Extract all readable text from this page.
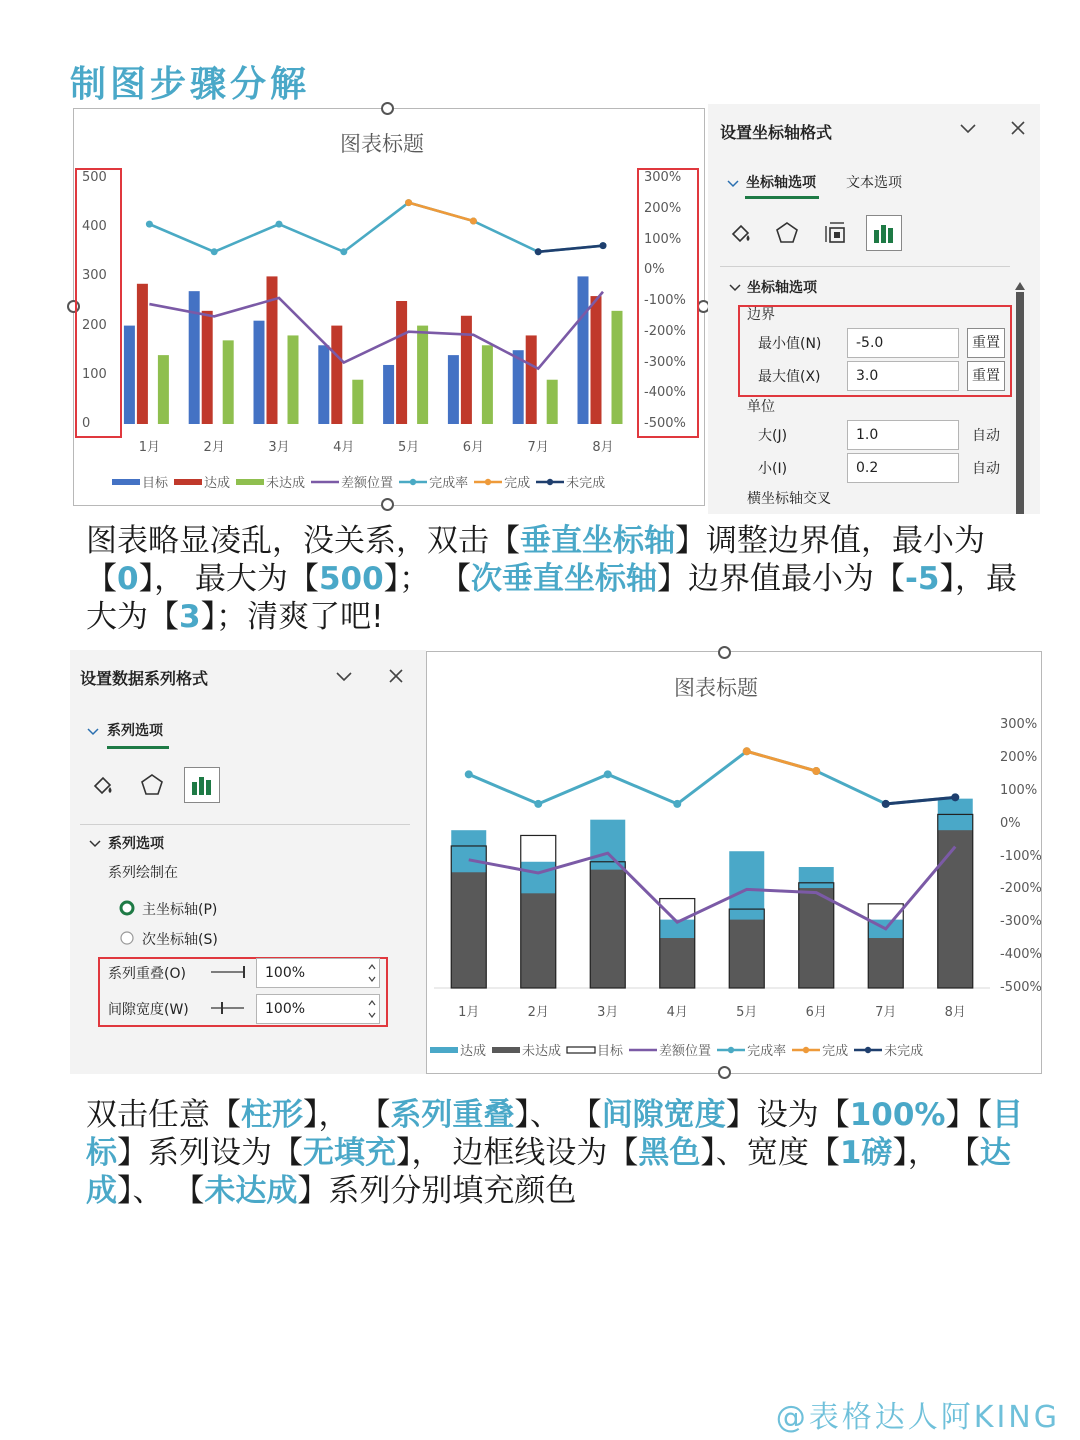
制图步骤分解
图表标题
目标	达成	未达成	差额位置	完成率	完成	未完成
设置坐标轴格式
坐标轴选项 文本选项
坐标轴选项
边界
最小值(N)	-5.0	重置
最大值(X)	3.0	重置
单位
大(J)	1.0	自动
小(I)	0.2	自动
横坐标轴交叉
图表略显凌乱，没关系，双击【垂直坐标轴】调整边界值，最小为【0】， 最大为【500】； 【次垂直坐标轴】边界值最小为【-5】，最大为【3】；清爽了吧!
设置数据系列格式
系列选项
系列选项
系列绘制在
主坐标轴(P)
次坐标轴(S)
系列重叠(O)	100%
间隙宽度(W)	100%
图表标题
达成	未达成	目标	差额位置	完成率	完成	未完成
双击任意【柱形】， 【系列重叠】、 【间隙宽度】设为【100%】【目标】系列设为【无填充】， 边框线设为【黑色】、宽度【1磅】， 【达成】、 【未达成】系列分别填充颜色
@表格达人阿KING
500
400
300
200
100
0
300%
200%
100%
0%
-100%
-200%
-300%
-400%
-500%
300%
200%
100%
0%
-100%
-200%
-300%
-400%
-500%
1月	2月	3月	4月	5月	6月	7月	8月
1月	2月	3月	4月	5月	6月	7月	8月
